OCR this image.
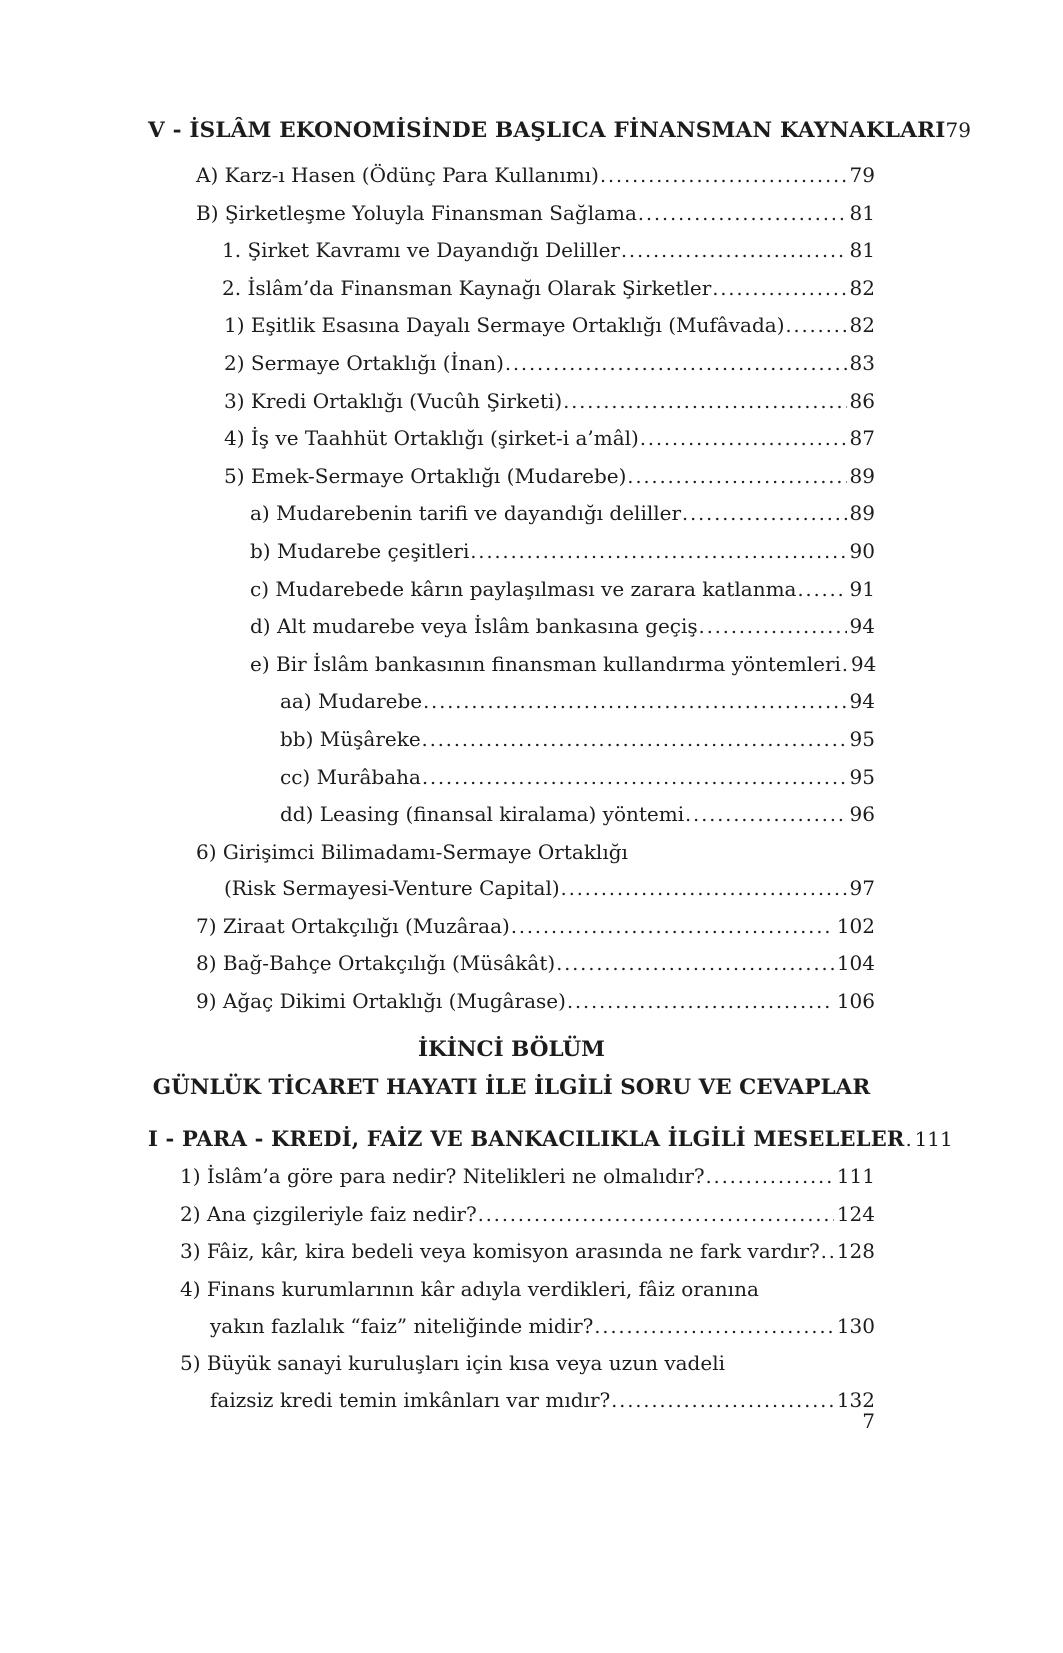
V - İSLÂM EKONOMİSİNDE BAŞLICA FİNANSMAN KAYNAKLARI 79
A) Karz-ı Hasen (Ödünç Para Kullanımı) .....	79
B) Şirketleşme Yoluyla Finansman Sağlama .....	81
1. Şirket Kavramı ve Dayandığı Deliller .....	81
2. İslâm’da Finansman Kaynağı Olarak Şirketler .....	82
1) Eşitlik Esasına Dayalı Sermaye Ortaklığı (Mufâvada) .....	82
2) Sermaye Ortaklığı (İnan) .....	83
3) Kredi Ortaklığı (Vucûh Şirketi) .....	86
4) İş ve Taahhüt Ortaklığı (şirket-i a’mâl) .....	87
5) Emek-Sermaye Ortaklığı (Mudarebe) .....	89
a) Mudarebenin tarifi ve dayandığı deliller .....	89
b) Mudarebe çeşitleri .....	90
c) Mudarebede kârın paylaşılması ve zarara katlanma .....	91
d) Alt mudarebe veya İslâm bankasına geçiş .....	94
e) Bir İslâm bankasının finansman kullandırma yöntemleri ..... 94
aa) Mudarebe .....	94
bb) Müşâreke .....	95
cc) Murâbaha .....	95
dd) Leasing (finansal kiralama) yöntemi .....	96
6) Girişimci Bilimadamı-Sermaye Ortaklığı
(Risk Sermayesi-Venture Capital) .....	97
7) Ziraat Ortakçılığı (Muzâraa) .....	102
8) Bağ-Bahçe Ortakçılığı (Müsâkât) .....	104
9) Ağaç Dikimi Ortaklığı (Mugârase) .....	106
İKİNCİ BÖLÜM
GÜNLÜK TİCARET HAYATI İLE İLGİLİ SORU VE CEVAPLAR
I - PARA - KREDİ, FAİZ VE BANKACILIKLA İLGİLİ MESELELER ..... 111
1) İslâm’a göre para nedir? Nitelikleri ne olmalıdır? .....	111
2) Ana çizgileriyle faiz nedir? .....	124
3) Fâiz, kâr, kira bedeli veya komisyon arasında ne fark vardır? ..... 128
4) Finans kurumlarının kâr adıyla verdikleri, fâiz oranına
yakın fazlalık “faiz” niteliğinde midir? .....	130
5) Büyük sanayi kuruluşları için kısa veya uzun vadeli
faizsiz kredi temin imkânları var mıdır? .....	132
7
